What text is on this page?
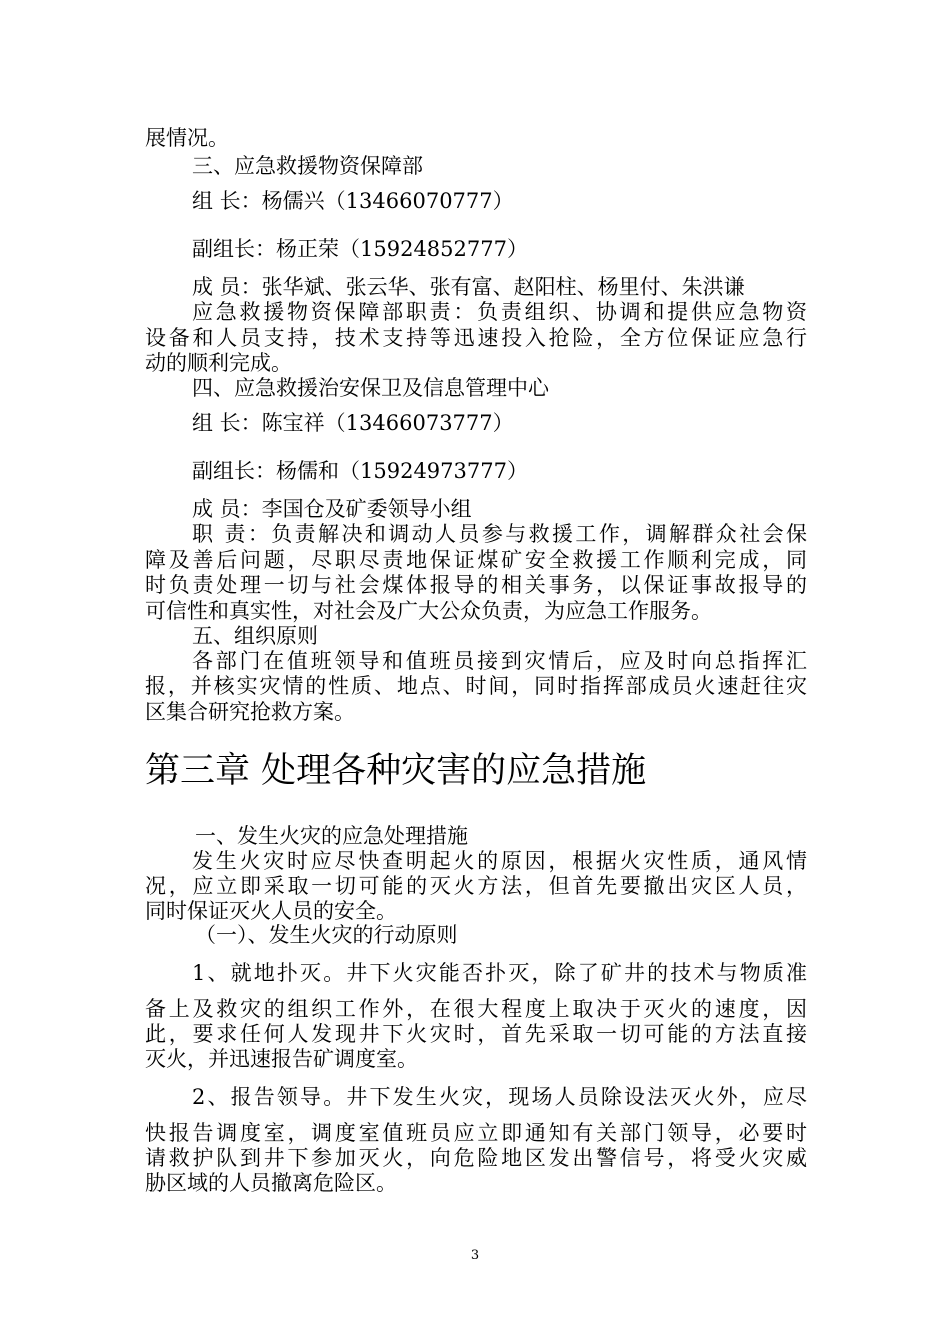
展情况。
三、应急救援物资保障部
组 长：杨儒兴（13466070777）
副组长：杨正荣（15924852777）
成 员：张华斌、张云华、张有富、赵阳柱、杨里付、朱洪谦
应急救援物资保障部职责：负责组织、协调和提供应急物资
设备和人员支持，技术支持等迅速投入抢险，全方位保证应急行
动的顺利完成。
四、应急救援治安保卫及信息管理中心
组 长：陈宝祥（13466073777）
副组长：杨儒和（15924973777）
成 员：李国仓及矿委领导小组
职 责：负责解决和调动人员参与救援工作，调解群众社会保
障及善后问题，尽职尽责地保证煤矿安全救援工作顺利完成，同
时负责处理一切与社会煤体报导的相关事务，以保证事故报导的
可信性和真实性，对社会及广大公众负责，为应急工作服务。
五、组织原则
各部门在值班领导和值班员接到灾情后，应及时向总指挥汇
报，并核实灾情的性质、地点、时间，同时指挥部成员火速赶往灾
区集合研究抢救方案。
第三章 处理各种灾害的应急措施
一、发生火灾的应急处理措施
发生火灾时应尽快查明起火的原因，根据火灾性质，通风情
况，应立即采取一切可能的灭火方法，但首先要撤出灾区人员，
同时保证灭火人员的安全。
（一）、发生火灾的行动原则
1、就地扑灭。井下火灾能否扑灭，除了矿井的技术与物质准
备上及救灾的组织工作外，在很大程度上取决于灭火的速度，因
此，要求任何人发现井下火灾时，首先采取一切可能的方法直接
灭火，并迅速报告矿调度室。
2、报告领导。井下发生火灾，现场人员除设法灭火外，应尽
快报告调度室，调度室值班员应立即通知有关部门领导，必要时
请救护队到井下参加灭火，向危险地区发出警信号，将受火灾威
胁区域的人员撤离危险区。
3
